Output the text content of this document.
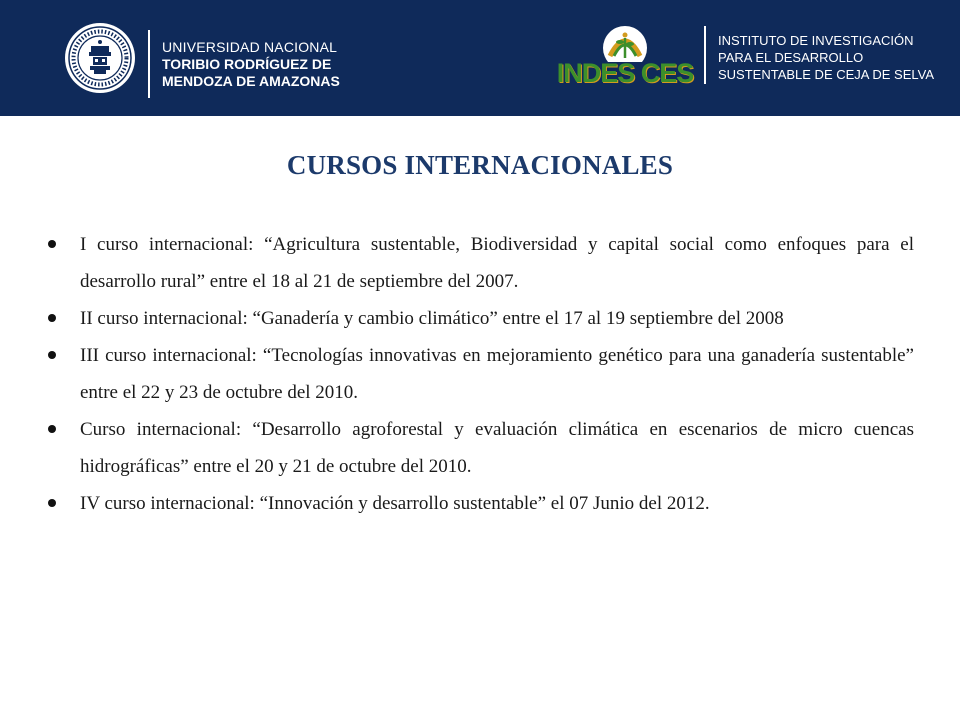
UNIVERSIDAD NACIONAL
TORIBIO RODRÍGUEZ DE
MENDOZA DE AMAZONAS	INDES CES
INSTITUTO DE INVESTIGACIÓN
PARA EL DESARROLLO
SUSTENTABLE DE CEJA DE SELVA
CURSOS INTERNACIONALES
I curso internacional: “Agricultura sustentable, Biodiversidad y capital social como enfoques para el desarrollo rural” entre el 18 al 21 de septiembre del 2007.
II curso internacional: “Ganadería y cambio climático” entre el 17 al 19 septiembre del 2008
III curso internacional: “Tecnologías innovativas en mejoramiento genético para una ganadería sustentable” entre el 22 y 23 de octubre del 2010.
Curso internacional: “Desarrollo agroforestal y evaluación climática en escenarios de micro cuencas hidrográficas” entre el 20 y 21 de octubre del 2010.
IV curso internacional: “Innovación y desarrollo sustentable” el 07 Junio del 2012.
